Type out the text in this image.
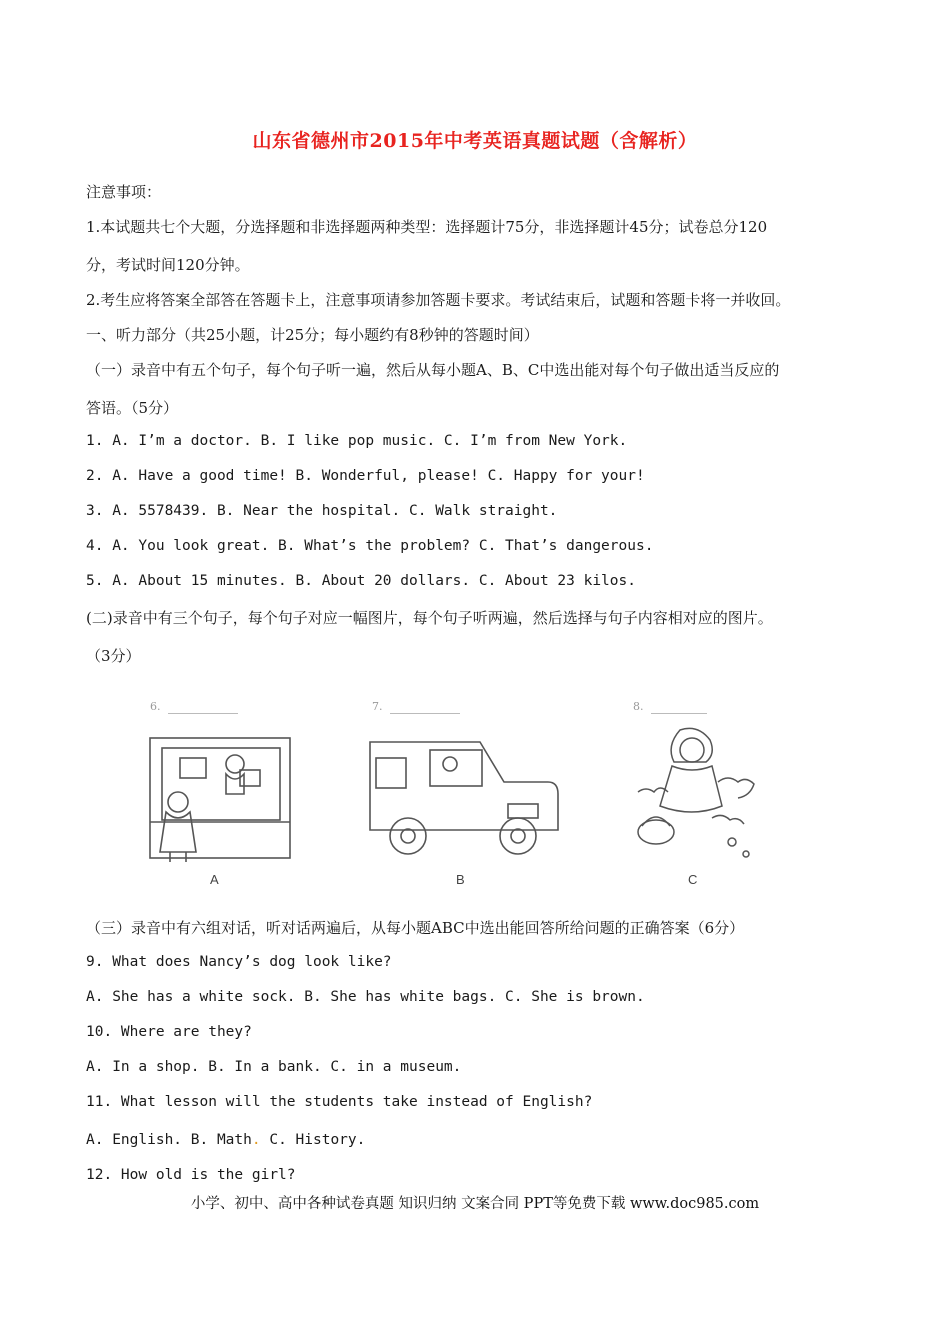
山东省德州市2015年中考英语真题试题（含解析）
注意事项：
1.本试题共七个大题，分选择题和非选择题两种类型：选择题计75分，非选择题计45分；试卷总分120
分，考试时间120分钟。
2.考生应将答案全部答在答题卡上，注意事项请参加答题卡要求。考试结束后，试题和答题卡将一并收回。
一、听力部分（共25小题，计25分；每小题约有8秒钟的答题时间）
（一）录音中有五个句子，每个句子听一遍，然后从每小题A、B、C中选出能对每个句子做出适当反应的
答语。（5分）
1. A. I’m a doctor. B. I like pop music. C. I’m from New York.
2. A. Have a good time! B. Wonderful, please! C. Happy for your!
3. A. 5578439. B. Near the hospital. C. Walk straight.
4. A. You look great. B. What’s the problem? C. That’s dangerous.
5. A. About 15 minutes. B. About 20 dollars. C. About 23 kilos.
(二)录音中有三个句子，每个句子对应一幅图片，每个句子听两遍，然后选择与句子内容相对应的图片。
（3分）
6.
A
7.
B
8.
C
（三）录音中有六组对话，听对话两遍后，从每小题ABC中选出能回答所给问题的正确答案（6分）
9. What does Nancy’s dog look like?
A. She has a white sock. B. She has white bags. C. She is brown.
10. Where are they?
A. In a shop. B. In a bank. C. in a museum.
11. What lesson will the students take instead of English?
A. English. B. Math. C. History.
12. How old is the girl?
小学、初中、高中各种试卷真题 知识归纳 文案合同 PPT等免费下载 www.doc985.com
